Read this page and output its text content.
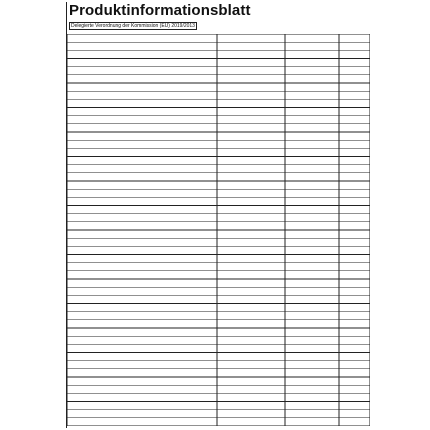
Produktinformationsblatt
Delegierte Verordnung der Kommission (EU) 2019/2013
